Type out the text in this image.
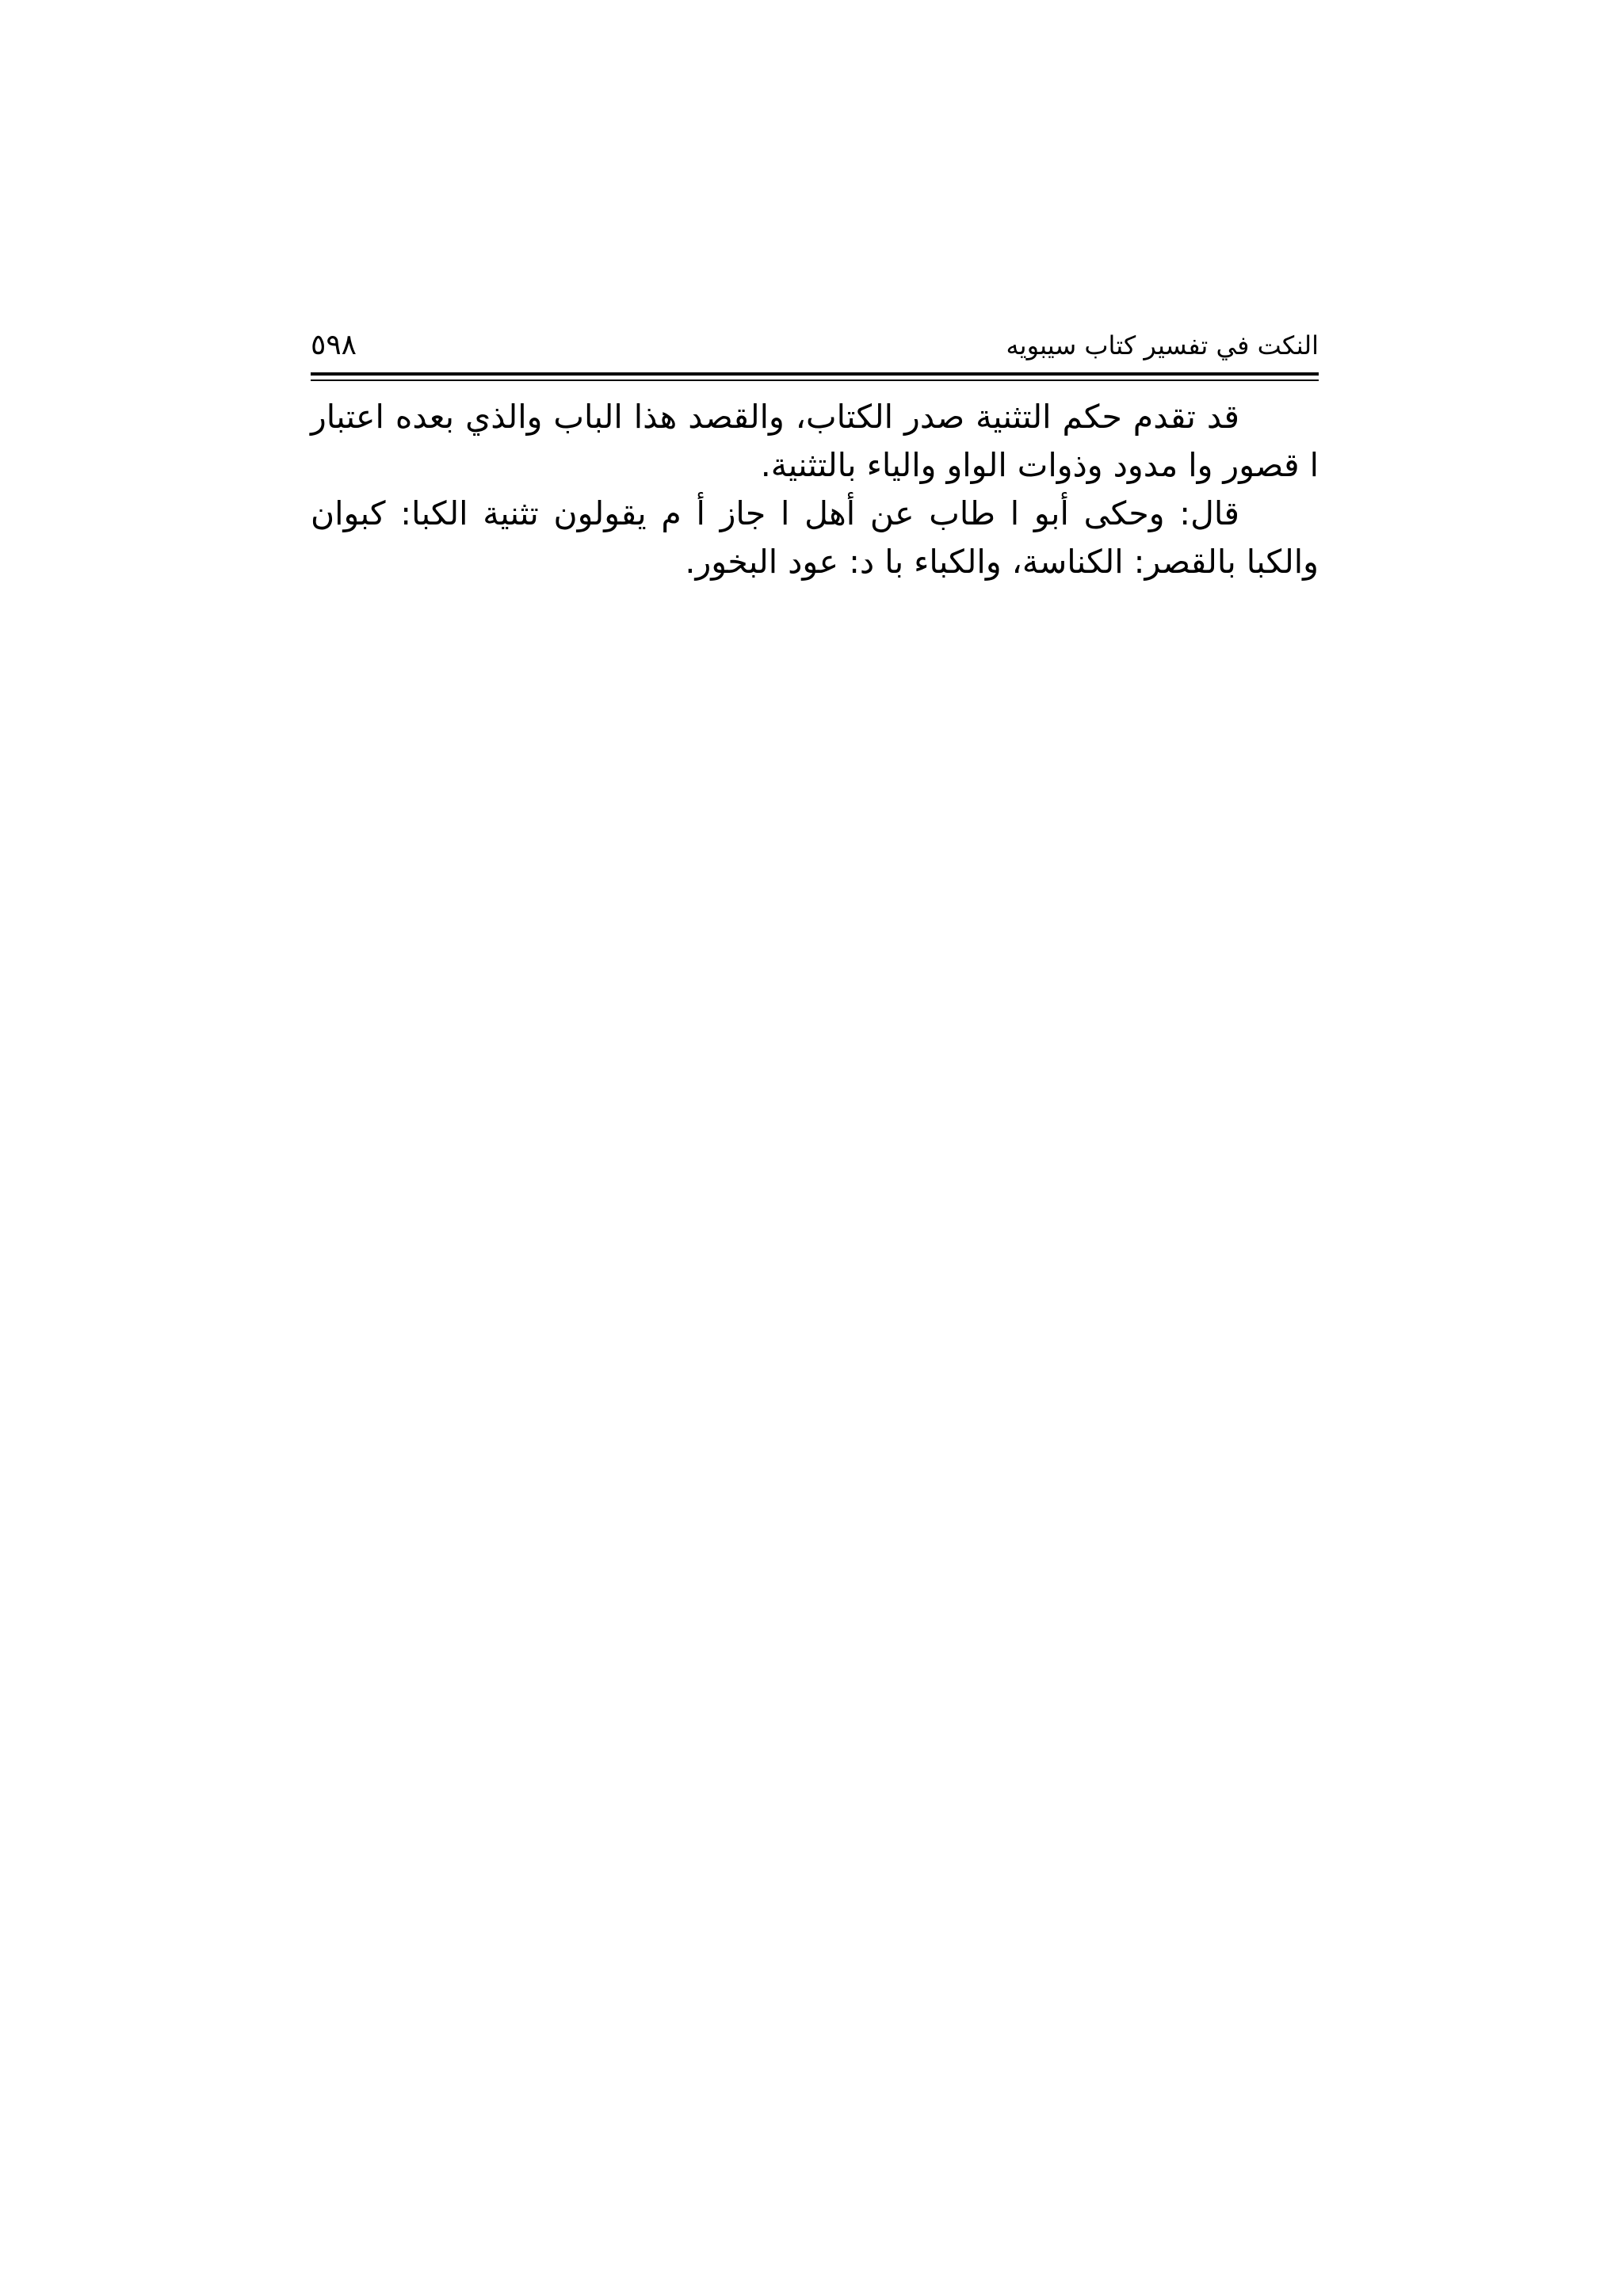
النكت في تفسير كتاب سيبويه
٥٩٨

قد تقدم حكم التثنية صدر الكتاب، والقصد هذا الباب والذي بعده اعتبار ا قصور وا مدود وذوات الواو والياء بالتثنية.

قال: وحكى أبو ا طاب عن أهل ا جاز أ م يقولون تثنية الكبا: كبوان والكبا بالقصر: الكناسة، والكباء با د: عود البخور.
